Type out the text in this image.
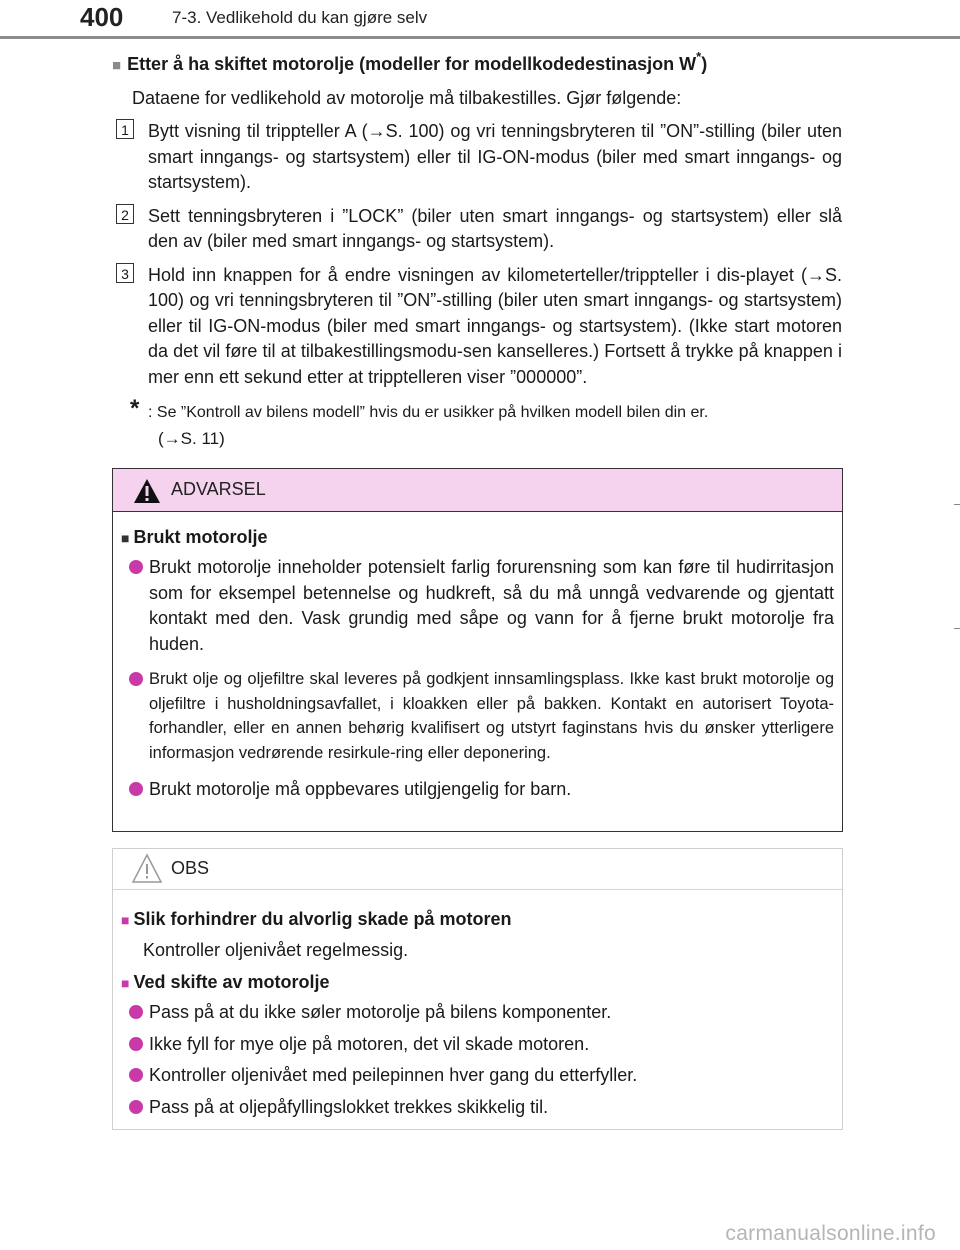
400	7-3. Vedlikehold du kan gjøre selv
■ Etter å ha skiftet motorolje (modeller for modellkodedestinasjon W*)
Dataene for vedlikehold av motorolje må tilbakestilles. Gjør følgende:
1 Bytt visning til trippteller A (→S. 100) og vri tenningsbryteren til ”ON”-stilling (biler uten smart inngangs- og startsystem) eller til IG-ON-modus (biler med smart inngangs- og startsystem).
2 Sett tenningsbryteren i ”LOCK” (biler uten smart inngangs- og startsystem) eller slå den av (biler med smart inngangs- og startsystem).
3 Hold inn knappen for å endre visningen av kilometerteller/trippteller i dis-playet (→S. 100) og vri tenningsbryteren til ”ON”-stilling (biler uten smart inngangs- og startsystem) eller til IG-ON-modus (biler med smart inngangs- og startsystem). (Ikke start motoren da det vil føre til at tilbakestillingsmodu-sen kanselleres.) Fortsett å trykke på knappen i mer enn ett sekund etter at tripptelleren viser ”000000”.
* : Se ”Kontroll av bilens modell” hvis du er usikker på hvilken modell bilen din er.
(→S. 11)
ADVARSEL
■ Brukt motorolje
Brukt motorolje inneholder potensielt farlig forurensning som kan føre til hudirritasjon som for eksempel betennelse og hudkreft, så du må unngå vedvarende og gjentatt kontakt med den. Vask grundig med såpe og vann for å fjerne brukt motorolje fra huden.
Brukt olje og oljefiltre skal leveres på godkjent innsamlingsplass. Ikke kast brukt motorolje og oljefiltre i husholdningsavfallet, i kloakken eller på bakken. Kontakt en autorisert Toyota-forhandler, eller en annen behørig kvalifisert og utstyrt faginstans hvis du ønsker ytterligere informasjon vedrørende resirkule-ring eller deponering.
Brukt motorolje må oppbevares utilgjengelig for barn.
OBS
■ Slik forhindrer du alvorlig skade på motoren
Kontroller oljenivået regelmessig.
■ Ved skifte av motorolje
Pass på at du ikke søler motorolje på bilens komponenter.
Ikke fyll for mye olje på motoren, det vil skade motoren.
Kontroller oljenivået med peilepinnen hver gang du etterfyller.
Pass på at oljepåfyllingslokket trekkes skikkelig til.
carmanualsonline.info
